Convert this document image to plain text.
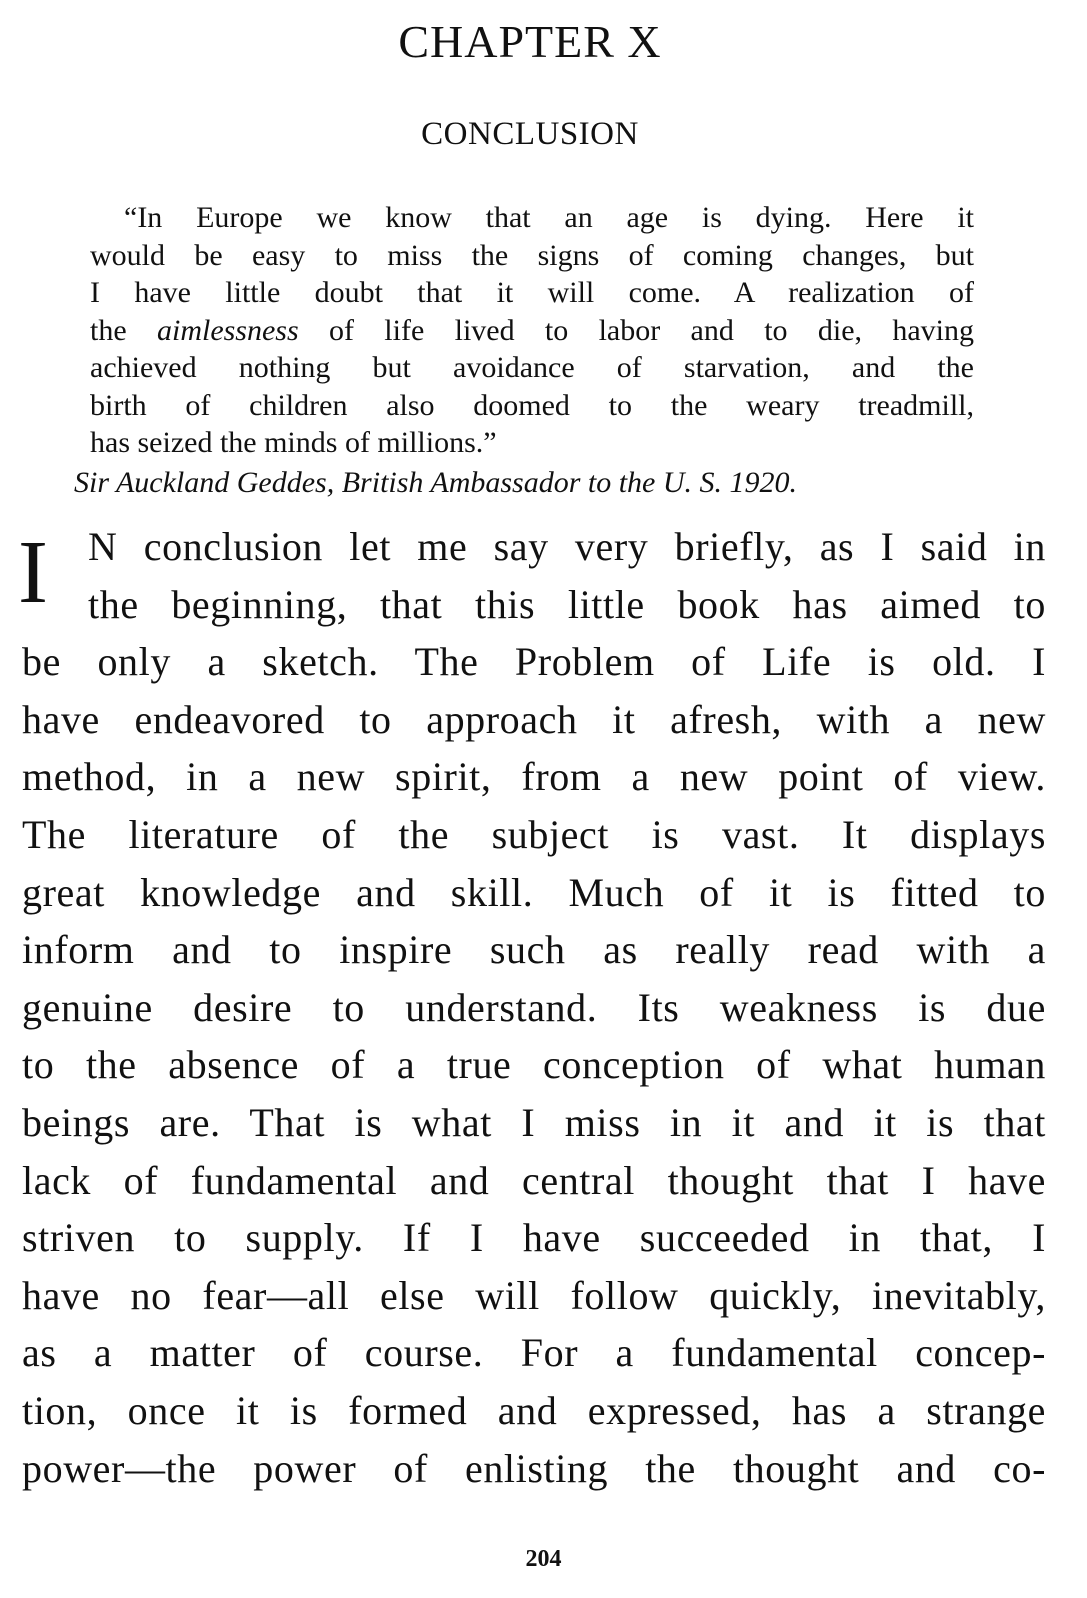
CHAPTER X
CONCLUSION
“In Europe we know that an age is dying. Here it
would be easy to miss the signs of coming changes, but
I have little doubt that it will come. A realization of
the aimlessness of life lived to labor and to die, having
achieved nothing but avoidance of starvation, and the
birth of children also doomed to the weary treadmill,
has seized the minds of millions.”
Sir Auckland Geddes, British Ambassador to the U. S. 1920.
I	N conclusion let me say very briefly, as I said in
the beginning, that this little book has aimed to
be only a sketch. The Problem of Life is old. I
have endeavored to approach it afresh, with a new
method, in a new spirit, from a new point of view.
The literature of the subject is vast. It displays
great knowledge and skill. Much of it is fitted to
inform and to inspire such as really read with a
genuine desire to understand. Its weakness is due
to the absence of a true conception of what human
beings are. That is what I miss in it and it is that
lack of fundamental and central thought that I have
striven to supply. If I have succeeded in that, I
have no fear—all else will follow quickly, inevitably,
as a matter of course. For a fundamental concep-
tion, once it is formed and expressed, has a strange
power—the power of enlisting the thought and co-
204
